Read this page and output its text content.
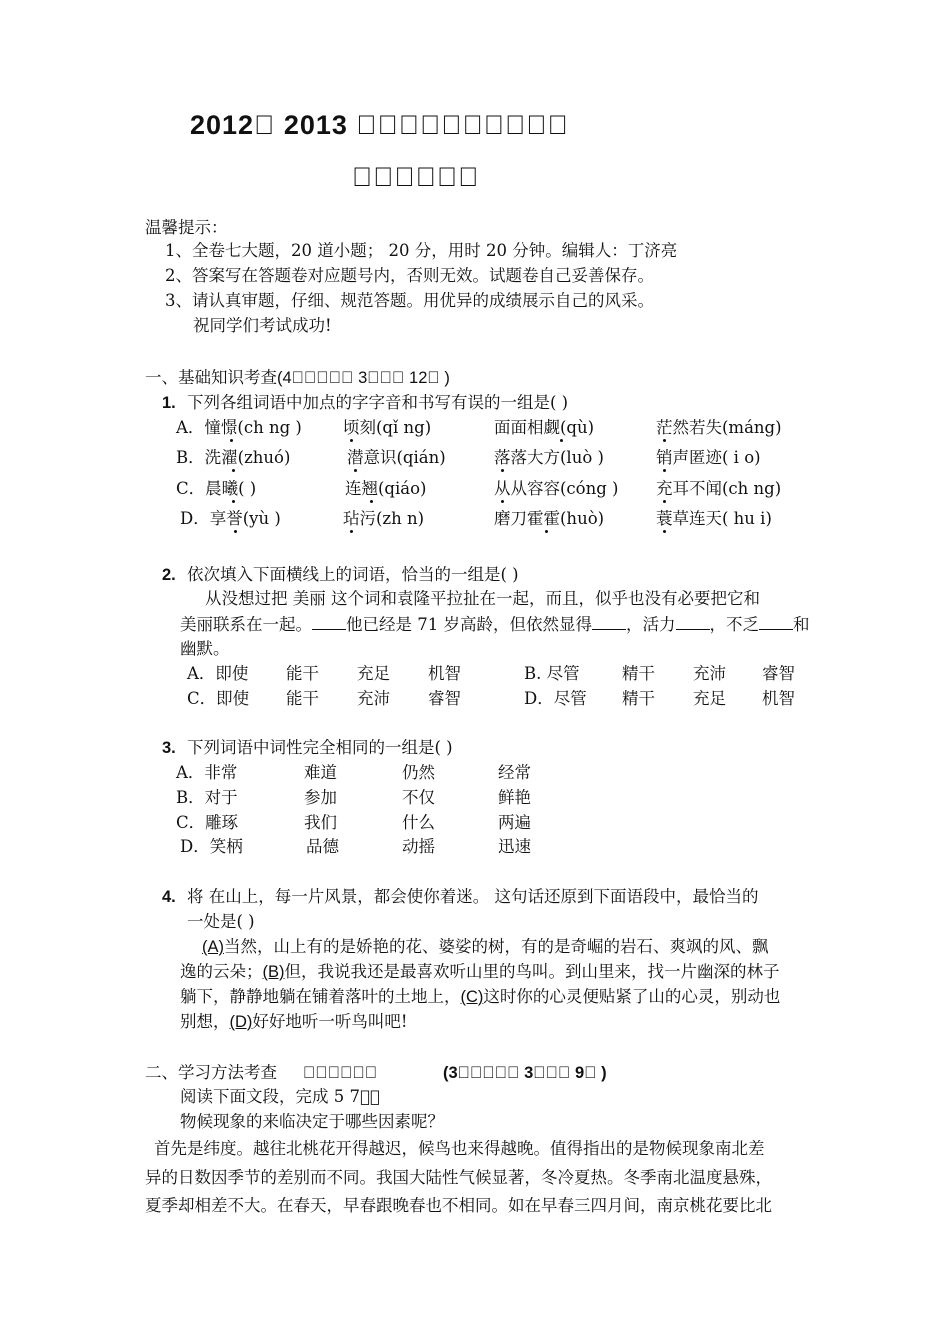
2012  2013           
      
温馨提示：
1、全卷七大题，20 道小题； 20 分，用时 20 分钟。编辑人：丁济亮
2、答案写在答题卷对应题号内，否则无效。试题卷自己妥善保存。
3、请认真审题，仔细、规范答题。用优异的成绩展示自己的风采。
祝同学们考试成功!
一、基础知识考查(4      3    12  )
1. 下列各组词语中加点的字字音和书写有误的一组是( )
A．憧憬(ch ng ) 顷刻(qǐ ng)	面面相觑(qù)	茫然若失(máng)
B．洗濯(zhuó)	潜意识(qián)	落落大方(luò )	销声匿迹( i o)
C．晨曦( )	连翘(qiáo)	从从容容(cóng ) 充耳不闻(ch ng)
D．享誉(yù )	玷污(zh n)	磨刀霍霍(huò)	蓑草连天( hu i)
2. 依次填入下面横线上的词语，恰当的一组是( )
从没想过把 美丽 这个词和袁隆平拉扯在一起，而且，似乎也没有必要把它和
美丽联系在一起。 他已经是 71 岁高龄，但依然显得 ，活力 ，不乏 和
幽默。
A．即使 能干 充足 机智	B. 尽管	精干 充沛 睿智
C．即使 能干 充沛 睿智	D．尽管 精干 充足 机智
3. 下列词语中词性完全相同的一组是( )
A．非常	难道	仍然	经常
B．对于	参加	不仅	鲜艳
C．雕琢	我们	什么	两遍
D．笑柄	品德	动摇	迅速
4. 将 在山上，每一片风景，都会使你着迷。 这句话还原到下面语段中，最恰当的
一处是( )
(A)当然，山上有的是娇艳的花、婆娑的树，有的是奇崛的岩石、爽飒的风、飘
逸的云朵；(B)但，我说我还是最喜欢听山里的鸟叫。到山里来，找一片幽深的林子
躺下，静静地躺在铺着落叶的土地上，(C)这时你的心灵便贴紧了山的心灵，别动也
别想，(D)好好地听一听鸟叫吧!
二、学习方法考查       	(3      3    9  )
阅读下面文段，完成 5 7  
物候现象的来临决定于哪些因素呢？
首先是纬度。越往北桃花开得越迟，候鸟也来得越晚。值得指出的是物候现象南北差
异的日数因季节的差别而不同。我国大陆性气候显著，冬冷夏热。冬季南北温度悬殊，
夏季却相差不大。在春天，早春跟晚春也不相同。如在早春三四月间，南京桃花要比北
